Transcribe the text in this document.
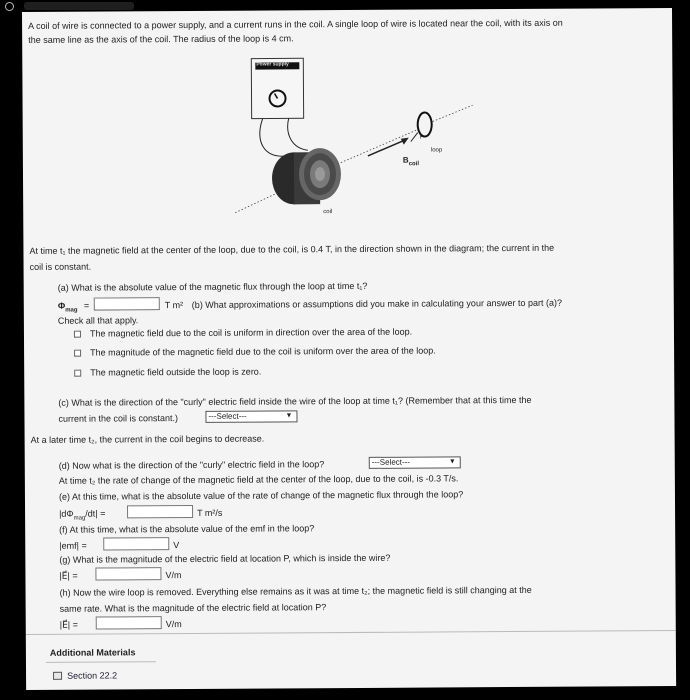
A coil of wire is connected to a power supply, and a current runs in the coil. A single loop of wire is located near the coil, with its axis on
the same line as the axis of the coil. The radius of the loop is 4 cm.
P
Power supply
loop
$B_{coil}$
coil
At time t₁ the magnetic field at the center of the loop, due to the coil, is 0.4 T, in the direction shown in the diagram; the current in the
coil is constant.
(a) What is the absolute value of the magnetic flux through the loop at time t₁?
$\Phi_{mag}$ =	T m² (b) What approximations or assumptions did you make in calculating your answer to part (a)?
Check all that apply.
The magnetic field due to the coil is uniform in direction over the area of the loop.
The magnitude of the magnetic field due to the coil is uniform over the area of the loop.
The magnetic field outside the loop is zero.
(c) What is the direction of the "curly" electric field inside the wire of the loop at time t₁? (Remember that at this time the
current in the coil is constant.)	---Select---	▼
At a later time t₂, the current in the coil begins to decrease.
(d) Now what is the direction of the "curly" electric field in the loop?	---Select---	▼
At time t₂ the rate of change of the magnetic field at the center of the loop, due to the coil, is -0.3 T/s.
(e) At this time, what is the absolute value of the rate of change of the magnetic flux through the loop?
$|d\Phi_{mag}/dt|$ =	T m²/s
(f) At this time, what is the absolute value of the emf in the loop?
|emf| =	V
(g) What is the magnitude of the electric field at location P, which is inside the wire?
|E⃗| =	V/m
(h) Now the wire loop is removed. Everything else remains as it was at time t₂; the magnetic field is still changing at the
same rate. What is the magnitude of the electric field at location P?
|E⃗| =	V/m
Additional Materials
Section 22.2
